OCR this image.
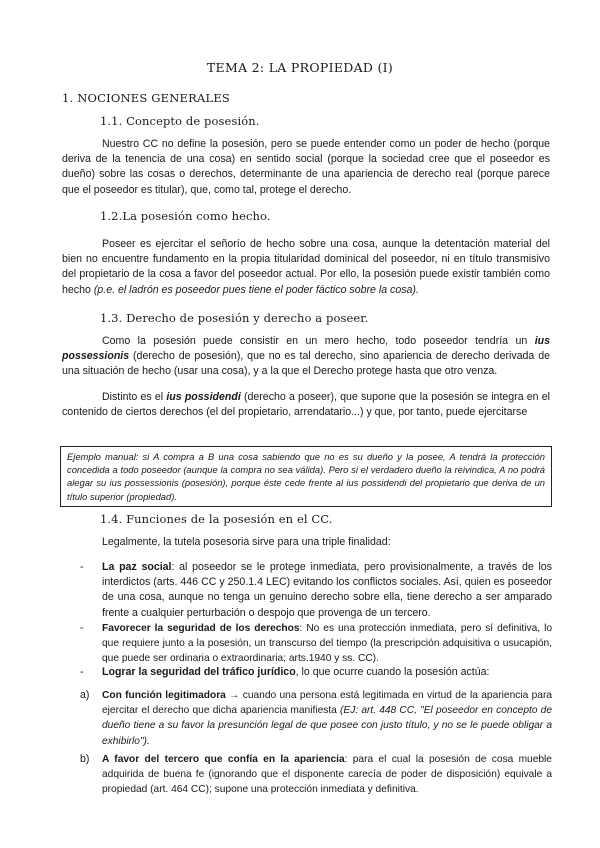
TEMA 2: LA PROPIEDAD (I)
1. NOCIONES GENERALES
1.1. Concepto de posesión.

Nuestro CC no define la posesión, pero se puede entender como un poder de hecho (porque deriva de la tenencia de una cosa) en sentido social (porque la sociedad cree que el poseedor es dueño) sobre las cosas o derechos, determinante de una apariencia de derecho real (porque parece que el poseedor es titular), que, como tal, protege el derecho.

1.2.La posesión como hecho.

Poseer es ejercitar el señorío de hecho sobre una cosa, aunque la detentación material del bien no encuentre fundamento en la propia titularidad dominical del poseedor, ni en título transmisivo del propietario de la cosa a favor del poseedor actual. Por ello, la posesión puede existir también como hecho (p.e. el ladrón es poseedor pues tiene el poder fáctico sobre la cosa).

1.3. Derecho de posesión y derecho a poseer.

Como la posesión puede consistir en un mero hecho, todo poseedor tendría un ius possessionis (derecho de posesión), que no es tal derecho, sino apariencia de derecho derivada de una situación de hecho (usar una cosa), y a la que el Derecho protege hasta que otro venza.

Distinto es el ius possidendi (derecho a poseer), que supone que la posesión se integra en el contenido de ciertos derechos (el del propietario, arrendatario...) y que, por tanto, puede ejercitarse

Ejemplo manual: si A compra a B una cosa sabiendo que no es su dueño y la posee, A tendrá la protección concedida a todo poseedor (aunque la compra no sea válida). Pero si el verdadero dueño la reivindica, A no podrá alegar su ius possessionis (posesión), porque éste cede frente al ius possidendi del propietario que deriva de un título superior (propiedad).
1.4. Funciones de la posesión en el CC.

Legalmente, la tutela posesoria sirve para una triple finalidad:

-	La paz social: al poseedor se le protege inmediata, pero provisionalmente, a través de los interdictos (arts. 446 CC y 250.1.4 LEC) evitando los conflictos sociales. Así, quien es poseedor de una cosa, aunque no tenga un genuino derecho sobre ella, tiene derecho a ser amparado frente a cualquier perturbación o despojo que provenga de un tercero.
-	Favorecer la seguridad de los derechos: No es una protección inmediata, pero sí definitiva, lo que requiere junto a la posesión, un transcurso del tiempo (la prescripción adquisitiva o usucapión, que puede ser ordinaria o extraordinaria; arts.1940 y ss. CC).
-	Lograr la seguridad del tráfico jurídico, lo que ocurre cuando la posesión actúa:
a)	Con función legitimadora → cuando una persona está legitimada en virtud de la apariencia para ejercitar el derecho que dicha apariencia manifiesta (EJ: art. 448 CC, "El poseedor en concepto de dueño tiene a su favor la presunción legal de que posee con justo título, y no se le puede obligar a exhibirlo").
b)	A favor del tercero que confía en la apariencia: para el cual la posesión de cosa mueble adquirida de buena fe (ignorando que el disponente carecía de poder de disposición) equivale a propiedad (art. 464 CC); supone una protección inmediata y definitiva.
